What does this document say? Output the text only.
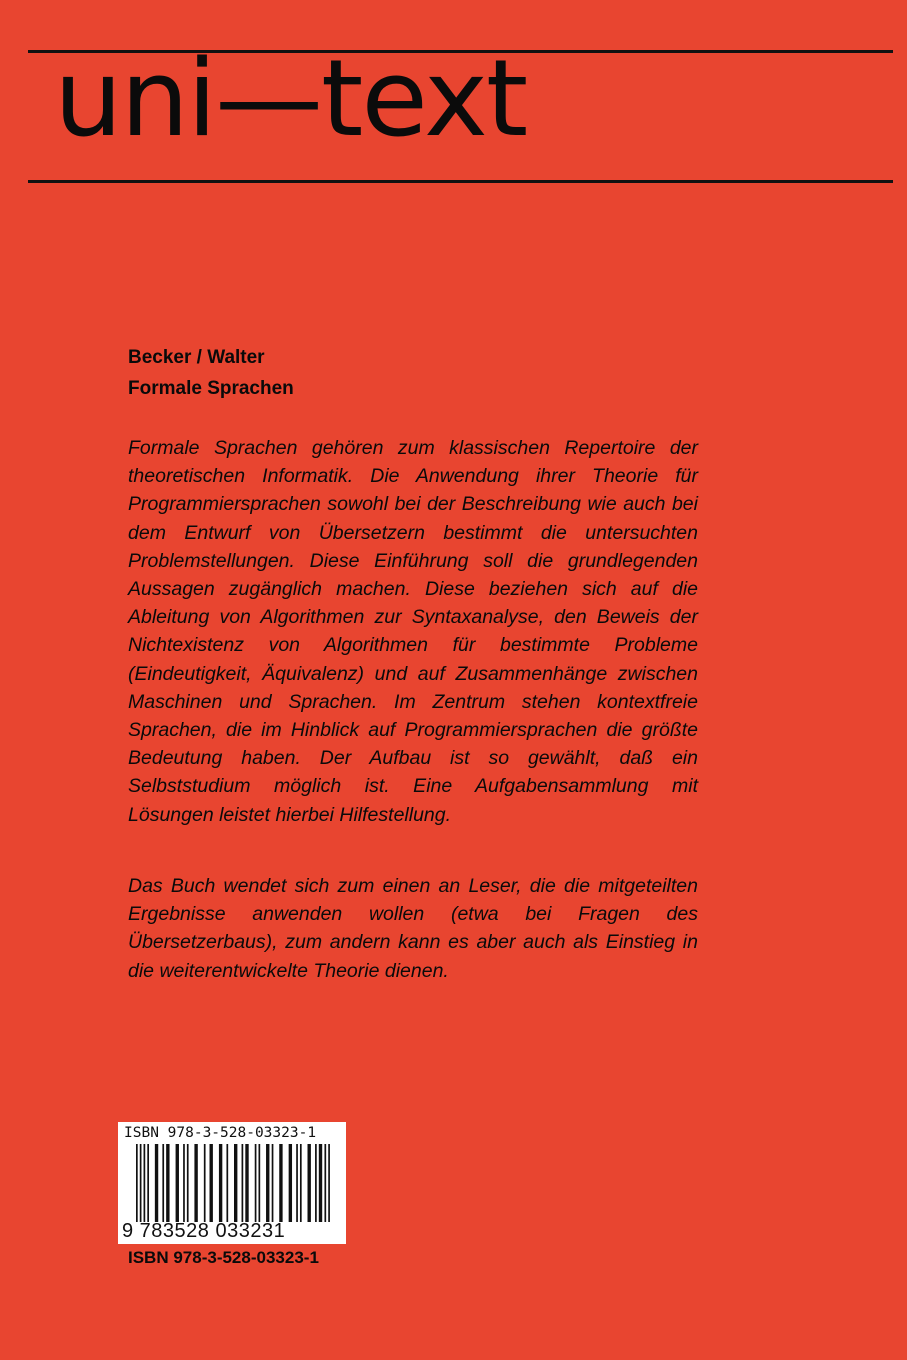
uni—text
Becker / Walter
Formale Sprachen

Formale Sprachen gehören zum klassischen Repertoire der theoretischen Informatik. Die Anwendung ihrer Theorie für Programmiersprachen sowohl bei der Beschreibung wie auch bei dem Entwurf von Übersetzern bestimmt die untersuchten Problemstellungen. Diese Einführung soll die grundlegenden Aussagen zugänglich machen. Diese beziehen sich auf die Ableitung von Algorithmen zur Syntaxanalyse, den Beweis der Nichtexistenz von Algorithmen für bestimmte Probleme (Eindeutigkeit, Äquivalenz) und auf Zusammenhänge zwischen Maschinen und Sprachen. Im Zentrum stehen kontextfreie Sprachen, die im Hinblick auf Programmiersprachen die größte Bedeutung haben. Der Aufbau ist so gewählt, daß ein Selbststudium möglich ist. Eine Aufgabensammlung mit Lösungen leistet hierbei Hilfestellung.

Das Buch wendet sich zum einen an Leser, die die mitgeteilten Ergebnisse anwenden wollen (etwa bei Fragen des Übersetzerbaus), zum andern kann es aber auch als Einstieg in die weiterentwickelte Theorie dienen.

ISBN 978-3-528-03323-1
9 783528 033231
ISBN 978-3-528-03323-1
